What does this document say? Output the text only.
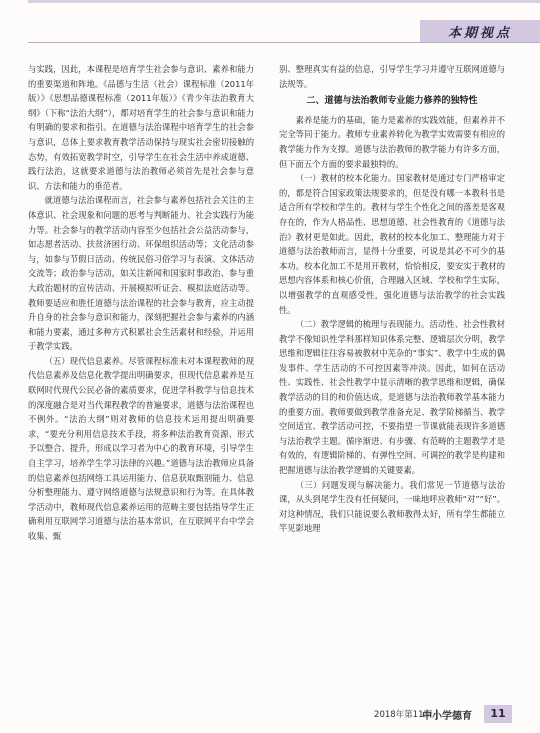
本期视点

与实践，因此，本课程是培育学生社会参与意识、素养和能力的重要渠道和阵地。《品德与生活（社会）课程标准（2011年版）》《思想品德课程标准（2011年版）》《青少年法治教育大纲》（下称“法治大纲”），都对培育学生的社会参与意识和能力有明确的要求和指引。在道德与法治课程中培育学生的社会参与意识，总体上要求教育教学活动保持与现实社会密切接触的态势，有效拓宽教学时空，引导学生在社会生活中养成道德、践行法治，这就要求道德与法治教师必须首先是社会参与意识、方法和能力的垂范者。

就道德与法治课程而言，社会参与素养包括社会关注的主体意识、社会现象和问题的思考与判断能力、社会实践行为能力等。社会参与的教学活动内容至少包括社会公益活动参与，如志愿者活动、扶贫济困行动、环保组织活动等；文化活动参与，如参与节假日活动、传统民俗习俗学习与表演、文体活动交流等；政治参与活动，如关注新闻和国家时事政治、参与重大政治题材的宣传活动、开展模拟听证会、模拟法庭活动等。教师要适应和胜任道德与法治课程的社会参与教育，应主动提升自身的社会参与意识和能力，深刻把握社会参与素养的内涵和能力要素，通过多种方式积累社会生活素材和经验，并运用于教学实践。

（五）现代信息素养。尽管课程标准未对本课程教师的现代信息素养及信息化教学提出明确要求，但现代信息素养是互联网时代现代公民必备的素质要求，促进学科教学与信息技术的深度融合是对当代课程教学的普遍要求，道德与法治课程也不例外。“法治大纲”则对教师的信息技术运用提出明确要求，“要充分利用信息技术手段，将多种法治教育资源、形式予以整合、提升，形成以学习者为中心的教育环境，引导学生自主学习，培养学生学习法律的兴趣。”道德与法治教师应具备的信息素养包括网络工具运用能力、信息获取甄别能力、信息分析整理能力、遵守网络道德与法规意识和行为等。在具体教学活动中，教师现代信息素养运用的范畴主要包括指导学生正确利用互联网学习道德与法治基本常识，在互联网平台中学会收集、甄

别、整理真实有益的信息，引导学生学习并遵守互联网道德与法规等。

二、道德与法治教师专业能力修养的独特性

素养是能力的基础，能力是素养的实践效能，但素养并不完全等同于能力。教师专业素养转化为教学实效需要有相应的教学能力作为支撑。道德与法治教师的教学能力有许多方面，但下面五个方面的要求最独特的。

（一）教材的校本化能力。国家教材是通过专门严格审定的，都是符合国家政策法规要求的，但是没有哪一本教科书是适合所有学校和学生的。教材与学生个性化之间的落差是客观存在的，作为人格品性、思想道德、社会性教育的《道德与法治》教材更是如此。因此，教材的校本化加工、整理能力对于道德与法治教师而言，显得十分重要，可说是其必不可少的基本功。校本化加工不是用开教材，恰恰相反，要安实于教材的思想内容体系和核心价值，合理融入区域、学校和学生实际，以增强教学的直观感受性，强化道德与法治教学的社会实践性。

（二）教学逻辑的梳理与表现能力。活动性、社会性教材教学不像知识性学科那样知识体系完整、逻辑层次分明，教学思维和逻辑往往容易被教材中芜杂的“事实”、教学中生成的偶发事件、学生活动的不可控因素等冲淡。因此，如何在活动性、实践性、社会性教学中显示清晰的教学思维和逻辑，确保教学活动的目的和价值达成，是道德与法治教师教学基本能力的重要方面。教师要做到教学准备充足、教学阶梯循当、教学空间适宜、教学活动可控，不要指望一节课就能表现许多道德与法治教学主题。循序渐进、有步骤、有范畴的主题教学才是有效的，有逻辑阶梯的、有弹性空间、可调控的教学是构建和把握道德与法治教学逻辑的关键要素。

（三）问题发现与解决能力。我们常见一节道德与法治课，从头到尾学生没有任何疑问，一味地呼应教师“对”“好”。对这种情况，我们只能说要么教师教得太好，所有学生都能立竿见影地理

2018年第11期
中小学德育	11
